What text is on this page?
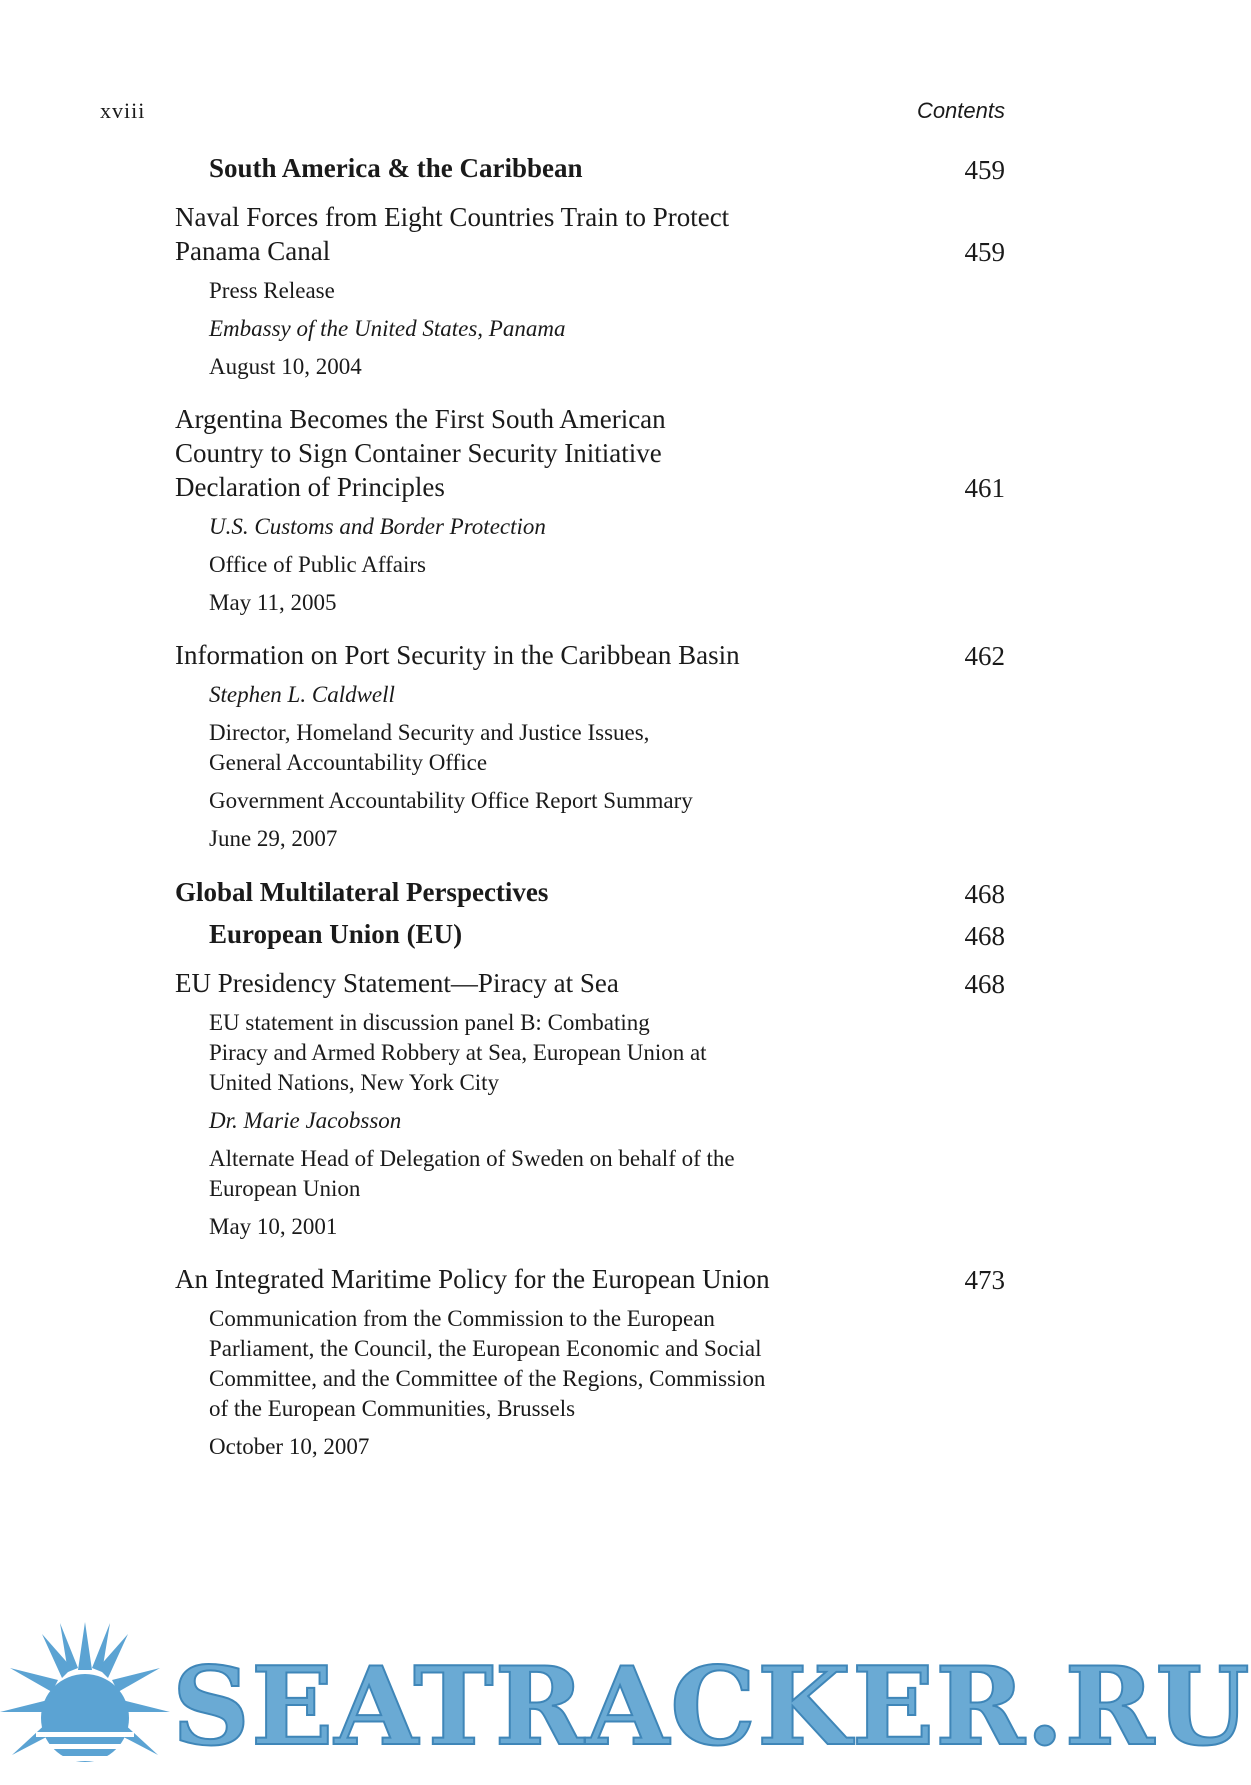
xviii	Contents
South America & the Caribbean	459
Naval Forces from Eight Countries Train to Protect
Panama Canal	459
Press Release
Embassy of the United States, Panama
August 10, 2004
Argentina Becomes the First South American
Country to Sign Container Security Initiative
Declaration of Principles	461
U.S. Customs and Border Protection
Office of Public Affairs
May 11, 2005
Information on Port Security in the Caribbean Basin	462
Stephen L. Caldwell
Director, Homeland Security and Justice Issues,
General Accountability Office
Government Accountability Office Report Summary
June 29, 2007
Global Multilateral Perspectives	468
European Union (EU)	468
EU Presidency Statement—Piracy at Sea	468
EU statement in discussion panel B: Combating
Piracy and Armed Robbery at Sea, European Union at
United Nations, New York City
Dr. Marie Jacobsson
Alternate Head of Delegation of Sweden on behalf of the
European Union
May 10, 2001
An Integrated Maritime Policy for the European Union	473
Communication from the Commission to the European
Parliament, the Council, the European Economic and Social
Committee, and the Committee of the Regions, Commission
of the European Communities, Brussels
October 10, 2007
SEATRACKER.RU
